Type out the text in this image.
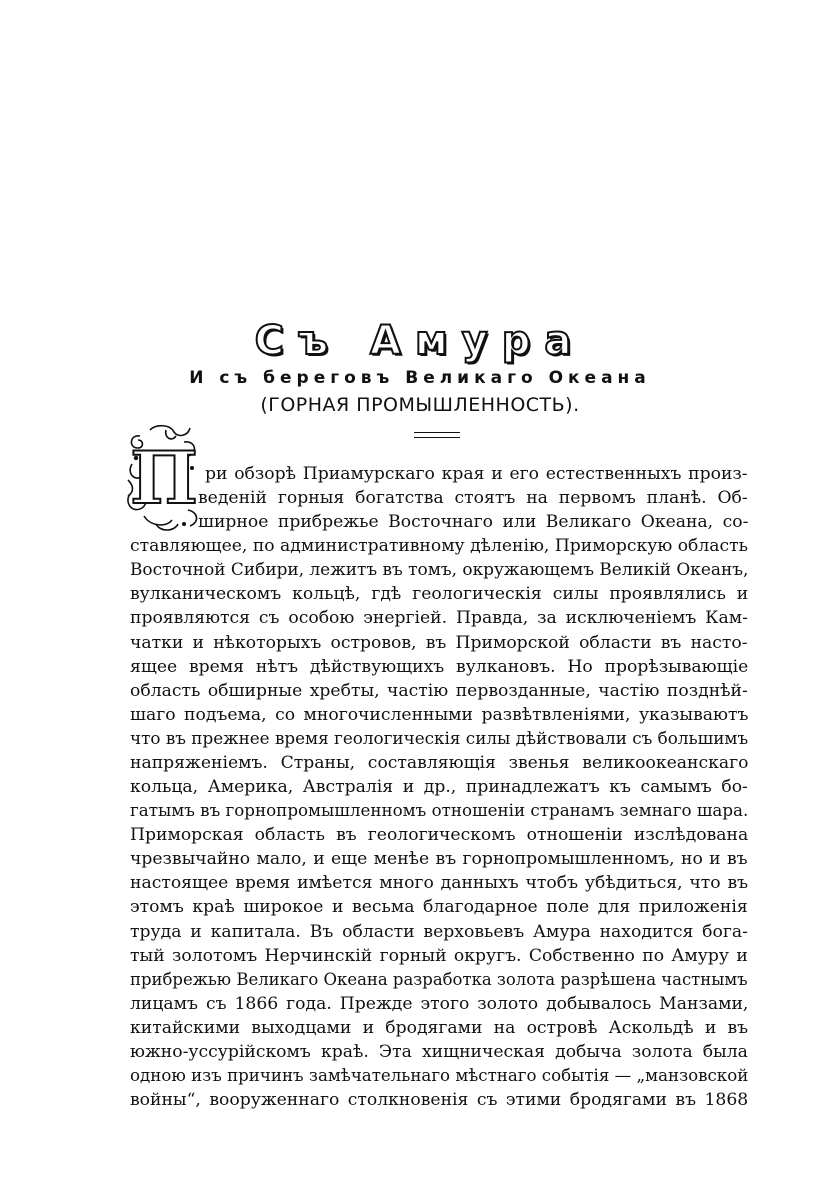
Съ Амура
И съ береговъ Великаго Океана
(ГОРНАЯ ПРОМЫШЛЕННОСТЬ).
П ри обзорѣ Приамурскаго края и его естественныхъ произ-
веденій горныя богатства стоятъ на первомъ планѣ. Об-
ширное прибрежье Восточнаго или Великаго Океана, со-
ставляющее, по административному дѣленію, Приморскую область
Восточной Сибири, лежитъ въ томъ, окружающемъ Великій Океанъ,
вулканическомъ кольцѣ, гдѣ геологическія силы проявлялись и
проявляются съ особою энергіей. Правда, за исключеніемъ Кам-
чатки и нѣкоторыхъ островов, въ Приморской области въ насто-
ящее время нѣтъ дѣйствующихъ вулкановъ. Но прорѣзывающіе
область обширные хребты, частію первозданные, частію позднѣй-
шаго подъема, со многочисленными развѣтвленіями, указываютъ
что въ прежнее время геологическія силы дѣйствовали съ большимъ
напряженіемъ. Страны, составляющія звенья великоокеанскаго
кольца, Америка, Австралія и др., принадлежатъ къ самымъ бо-
гатымъ въ горнопромышленномъ отношеніи странамъ земнаго шара.
Приморская область въ геологическомъ отношеніи изслѣдована
чрезвычайно мало, и еще менѣе въ горнопромышленномъ, но и въ
настоящее время имѣется много данныхъ чтобъ убѣдиться, что въ
этомъ краѣ широкое и весьма благодарное поле для приложенія
труда и капитала. Въ области верховьевъ Амура находится бога-
тый золотомъ Нерчинскій горный округъ. Собственно по Амуру и
прибрежью Великаго Океана разработка золота разрѣшена частнымъ
лицамъ съ 1866 года. Прежде этого золото добывалось Манзами,
китайскими выходцами и бродягами на островѣ Аскольдѣ и въ
южно-уссурійскомъ краѣ. Эта хищническая добыча золота была
одною изъ причинъ замѣчательнаго мѣстнаго событія — „манзовской
войны“, вооруженнаго столкновенія съ этими бродягами въ 1868
